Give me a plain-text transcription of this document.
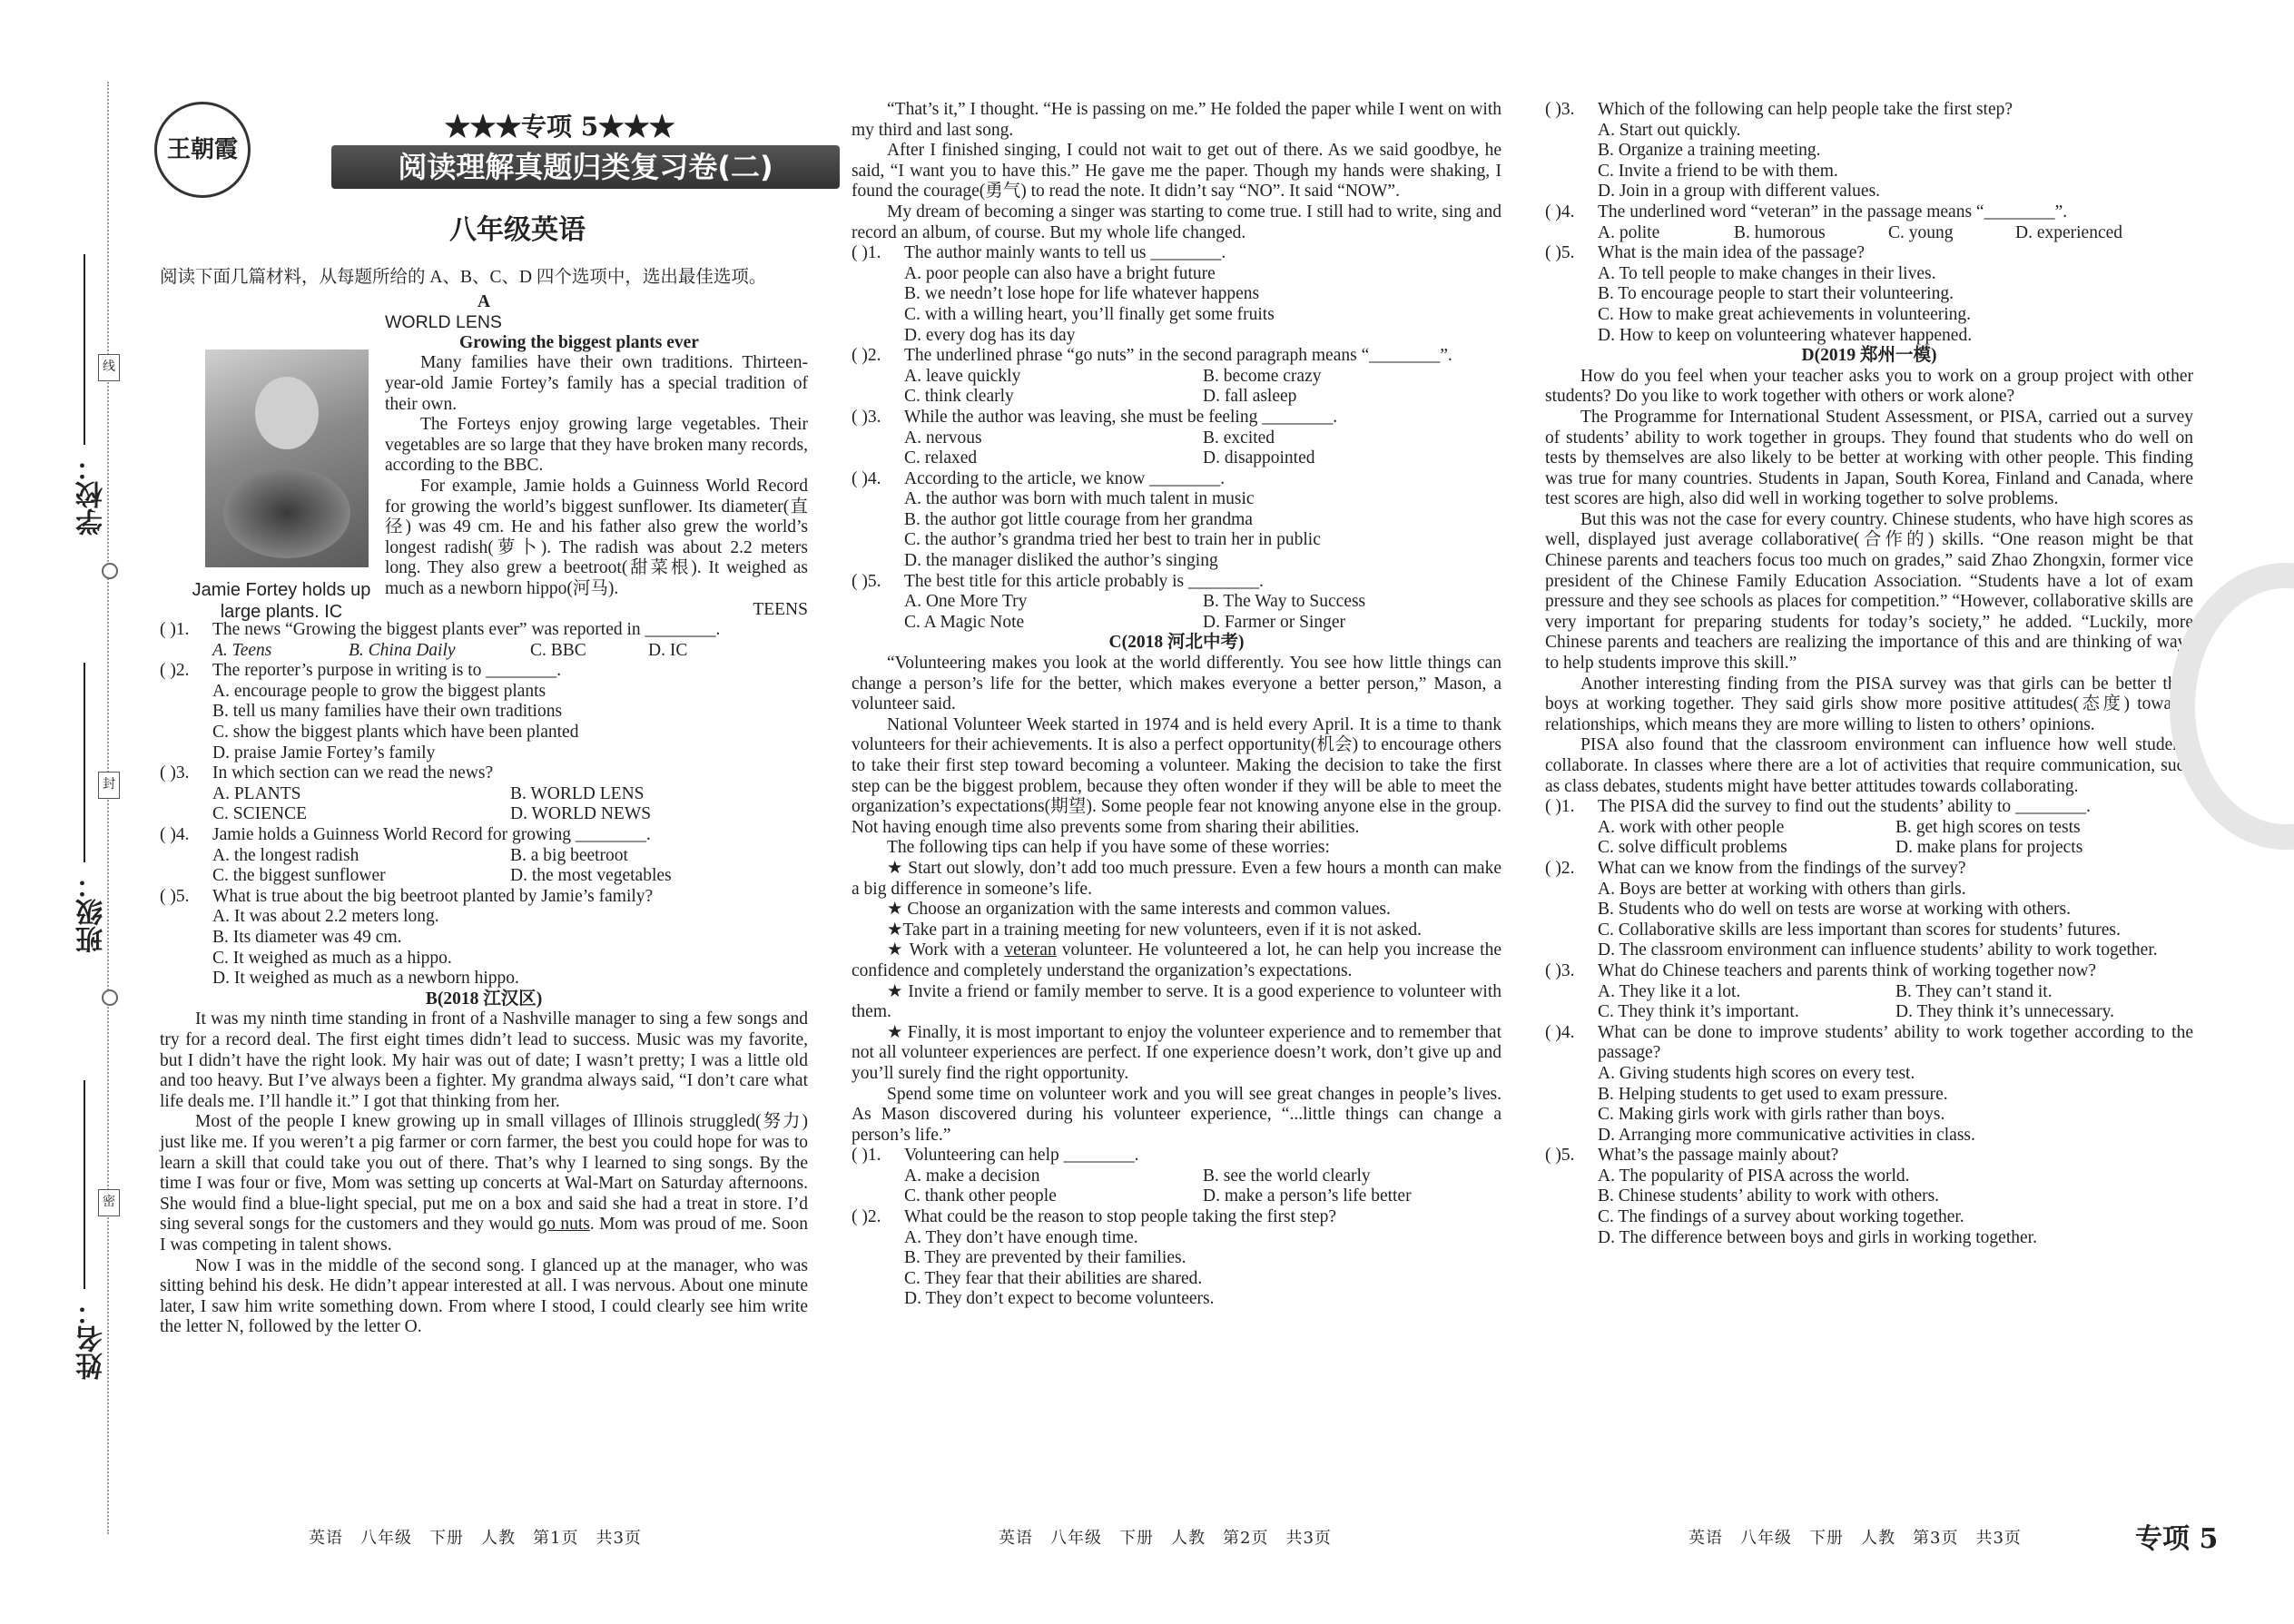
学校：
班级：
姓名：
线
封
密
王朝霞
★★★专项 5★★★
阅读理解真题归类复习卷(二)
八年级英语

阅读下面几篇材料，从每题所给的 A、B、C、D 四个选项中，选出最佳选项。

A

WORLD LENS

Growing the biggest plants ever

Many families have their own traditions. Thirteen-year-old Jamie Fortey’s family has a special tradition of their own.

The Forteys enjoy growing large vegetables. Their vegetables are so large that they have broken many records, according to the BBC.

For example, Jamie holds a Guinness World Record for growing the world’s biggest sunflower. Its diameter(直径) was 49 cm. He and his father also grew the world’s longest radish(萝卜). The radish was about 2.2 meters long. They also grew a beetroot(甜菜根). It weighed as much as a newborn hippo(河马).

TEENS

( )1.	The news “Growing the biggest plants ever” was reported in ________.
A. Teens	B. China Daily	C. BBC	D. IC
( )2.	The reporter’s purpose in writing is to ________.
A. encourage people to grow the biggest plants
B. tell us many families have their own traditions
C. show the biggest plants which have been planted
D. praise Jamie Fortey’s family
( )3.	In which section can we read the news?
A. PLANTS	B. WORLD LENS
C. SCIENCE	D. WORLD NEWS
( )4.	Jamie holds a Guinness World Record for growing ________.
A. the longest radish	B. a big beetroot
C. the biggest sunflower	D. the most vegetables
( )5.	What is true about the big beetroot planted by Jamie’s family?
A. It was about 2.2 meters long.
B. Its diameter was 49 cm.
C. It weighed as much as a hippo.
D. It weighed as much as a newborn hippo.

B(2018 江汉区)

It was my ninth time standing in front of a Nashville manager to sing a few songs and try for a record deal. The first eight times didn’t lead to success. Music was my favorite, but I didn’t have the right look. My hair was out of date; I wasn’t pretty; I was a little old and too heavy. But I’ve always been a fighter. My grandma always said, “I don’t care what life deals me. I’ll handle it.” I got that thinking from her.

Most of the people I knew growing up in small villages of Illinois struggled(努力) just like me. If you weren’t a pig farmer or corn farmer, the best you could hope for was to learn a skill that could take you out of there. That’s why I learned to sing songs. By the time I was four or five, Mom was setting up concerts at Wal-Mart on Saturday afternoons. She would find a blue-light special, put me on a box and said she had a treat in store. I’d sing several songs for the customers and they would go nuts. Mom was proud of me. Soon I was competing in talent shows.

Now I was in the middle of the second song. I glanced up at the manager, who was sitting behind his desk. He didn’t appear interested at all. I was nervous. About one minute later, I saw him write something down. From where I stood, I could clearly see him write the letter N, followed by the letter O.

Jamie Fortey holds up large plants. IC

“That’s it,” I thought. “He is passing on me.” He folded the paper while I went on with my third and last song.

After I finished singing, I could not wait to get out of there. As we said goodbye, he said, “I want you to have this.” He gave me the paper. Though my hands were shaking, I found the courage(勇气) to read the note. It didn’t say “NO”. It said “NOW”.

My dream of becoming a singer was starting to come true. I still had to write, sing and record an album, of course. But my whole life changed.

( )1.	The author mainly wants to tell us ________.
A. poor people can also have a bright future
B. we needn’t lose hope for life whatever happens
C. with a willing heart, you’ll finally get some fruits
D. every dog has its day
( )2.	The underlined phrase “go nuts” in the second paragraph means “________”.
A. leave quickly	B. become crazy
C. think clearly	D. fall asleep
( )3.	While the author was leaving, she must be feeling ________.
A. nervous	B. excited
C. relaxed	D. disappointed
( )4.	According to the article, we know ________.
A. the author was born with much talent in music
B. the author got little courage from her grandma
C. the author’s grandma tried her best to train her in public
D. the manager disliked the author’s singing
( )5.	The best title for this article probably is ________.
A. One More Try	B. The Way to Success
C. A Magic Note	D. Farmer or Singer

C(2018 河北中考)

“Volunteering makes you look at the world differently. You see how little things can change a person’s life for the better, which makes everyone a better person,” Mason, a volunteer said.

National Volunteer Week started in 1974 and is held every April. It is a time to thank volunteers for their achievements. It is also a perfect opportunity(机会) to encourage others to take their first step toward becoming a volunteer. Making the decision to take the first step can be the biggest problem, because they often wonder if they will be able to meet the organization’s expectations(期望). Some people fear not knowing anyone else in the group. Not having enough time also prevents some from sharing their abilities.

The following tips can help if you have some of these worries:

★ Start out slowly, don’t add too much pressure. Even a few hours a month can make a big difference in someone’s life.

★ Choose an organization with the same interests and common values.

★Take part in a training meeting for new volunteers, even if it is not asked.

★ Work with a veteran volunteer. He volunteered a lot, he can help you increase the confidence and completely understand the organization’s expectations.

★ Invite a friend or family member to serve. It is a good experience to volunteer with them.

★ Finally, it is most important to enjoy the volunteer experience and to remember that not all volunteer experiences are perfect. If one experience doesn’t work, don’t give up and you’ll surely find the right opportunity.

Spend some time on volunteer work and you will see great changes in people’s lives. As Mason discovered during his volunteer experience, “...little things can change a person’s life.”

( )1.	Volunteering can help ________.
A. make a decision	B. see the world clearly
C. thank other people	D. make a person’s life better
( )2.	What could be the reason to stop people taking the first step?
A. They don’t have enough time.
B. They are prevented by their families.
C. They fear that their abilities are shared.
D. They don’t expect to become volunteers.
( )3.	Which of the following can help people take the first step?
A. Start out quickly.
B. Organize a training meeting.
C. Invite a friend to be with them.
D. Join in a group with different values.
( )4.	The underlined word “veteran” in the passage means “________”.
A. polite	B. humorous	C. young	D. experienced
( )5.	What is the main idea of the passage?
A. To tell people to make changes in their lives.
B. To encourage people to start their volunteering.
C. How to make great achievements in volunteering.
D. How to keep on volunteering whatever happened.

D(2019 郑州一模)

How do you feel when your teacher asks you to work on a group project with other students? Do you like to work together with others or work alone?

The Programme for International Student Assessment, or PISA, carried out a survey of students’ ability to work together in groups. They found that students who do well on tests by themselves are also likely to be better at working with other people. This finding was true for many countries. Students in Japan, South Korea, Finland and Canada, where test scores are high, also did well in working together to solve problems.

But this was not the case for every country. Chinese students, who have high scores as well, displayed just average collaborative(合作的) skills. “One reason might be that Chinese parents and teachers focus too much on grades,” said Zhao Zhongxin, former vice president of the Chinese Family Education Association. “Students have a lot of exam pressure and they see schools as places for competition.” “However, collaborative skills are very important for preparing students for today’s society,” he added. “Luckily, more Chinese parents and teachers are realizing the importance of this and are thinking of ways to help students improve this skill.”

Another interesting finding from the PISA survey was that girls can be better than boys at working together. They said girls show more positive attitudes(态度) towards relationships, which means they are more willing to listen to others’ opinions.

PISA also found that the classroom environment can influence how well students collaborate. In classes where there are a lot of activities that require communication, such as class debates, students might have better attitudes towards collaborating.

( )1.	The PISA did the survey to find out the students’ ability to ________.
A. work with other people	B. get high scores on tests
C. solve difficult problems	D. make plans for projects
( )2.	What can we know from the findings of the survey?
A. Boys are better at working with others than girls.
B. Students who do well on tests are worse at working with others.
C. Collaborative skills are less important than scores for students’ futures.
D. The classroom environment can influence students’ ability to work together.
( )3.	What do Chinese teachers and parents think of working together now?
A. They like it a lot.	B. They can’t stand it.
C. They think it’s important.	D. They think it’s unnecessary.
( )4.	What can be done to improve students’ ability to work together according to the passage?
A. Giving students high scores on every test.
B. Helping students to get used to exam pressure.
C. Making girls work with girls rather than boys.
D. Arranging more communicative activities in class.
( )5.	What’s the passage mainly about?
A. The popularity of PISA across the world.
B. Chinese students’ ability to work with others.
C. The findings of a survey about working together.
D. The difference between boys and girls in working together.
英语　八年级　下册　人教　第1页　共3页	英语　八年级　下册　人教　第2页　共3页	英语　八年级　下册　人教　第3页　共3页	专项 5
